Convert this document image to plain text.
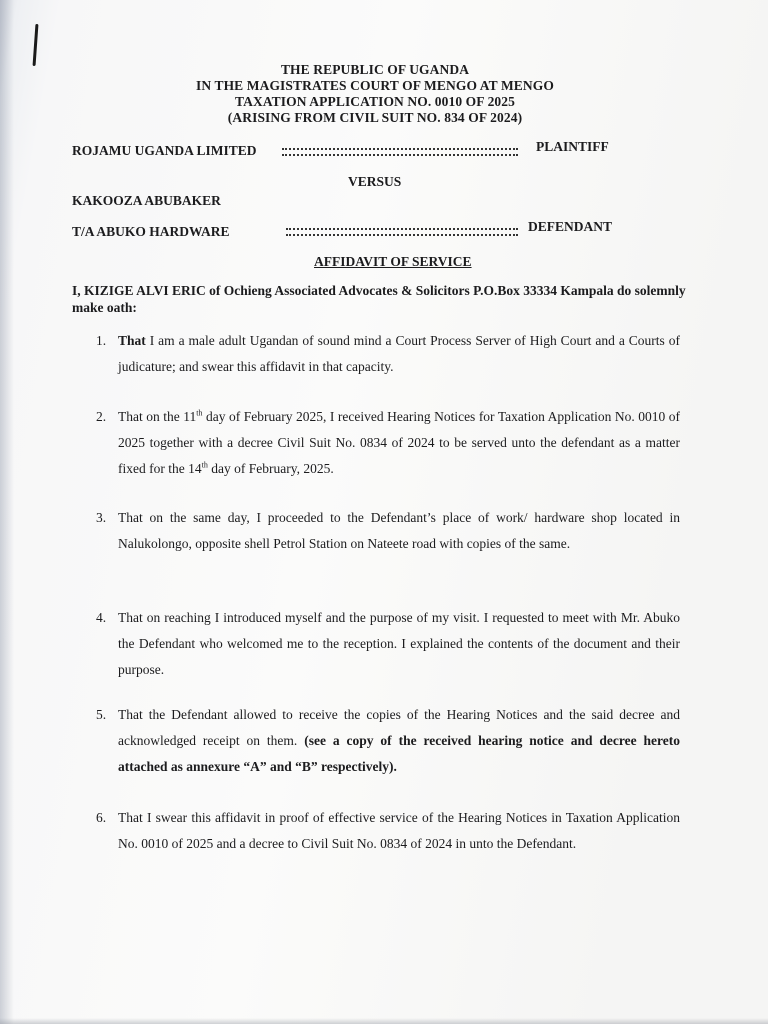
THE REPUBLIC OF UGANDA
IN THE MAGISTRATES COURT OF MENGO AT MENGO
TAXATION APPLICATION NO. 0010 OF 2025
(ARISING FROM CIVIL SUIT NO. 834 OF 2024)
ROJAMU UGANDA LIMITED	PLAINTIFF
VERSUS
KAKOOZA ABUBAKER
T/A ABUKO HARDWARE	DEFENDANT
AFFIDAVIT OF SERVICE
I, KIZIGE ALVI ERIC of Ochieng Associated Advocates & Solicitors P.O.Box 33334 Kampala do solemnly make oath:
1. That I am a male adult Ugandan of sound mind a Court Process Server of High Court and a Courts of judicature; and swear this affidavit in that capacity.
2. That on the 11th day of February 2025, I received Hearing Notices for Taxation Application No. 0010 of 2025 together with a decree Civil Suit No. 0834 of 2024 to be served unto the defendant as a matter fixed for the 14th day of February, 2025.
3. That on the same day, I proceeded to the Defendant’s place of work/ hardware shop located in Nalukolongo, opposite shell Petrol Station on Nateete road with copies of the same.
4. That on reaching I introduced myself and the purpose of my visit. I requested to meet with Mr. Abuko the Defendant who welcomed me to the reception. I explained the contents of the document and their purpose.
5. That the Defendant allowed to receive the copies of the Hearing Notices and the said decree and acknowledged receipt on them. (see a copy of the received hearing notice and decree hereto attached as annexure “A” and “B” respectively).
6. That I swear this affidavit in proof of effective service of the Hearing Notices in Taxation Application No. 0010 of 2025 and a decree to Civil Suit No. 0834 of 2024 in unto the Defendant.
